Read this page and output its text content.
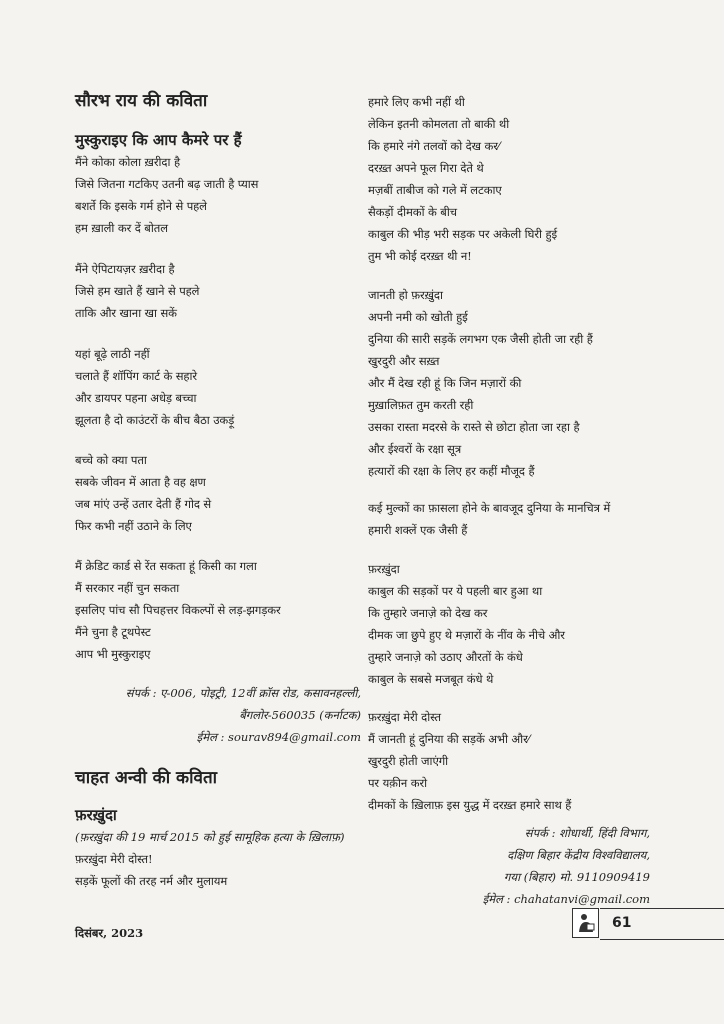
सौरभ राय की कविता
मुस्कुराइए कि आप कैमरे पर हैं
मैंने कोका कोला ख़रीदा है
जिसे जितना गटकिए उतनी बढ़ जाती है प्यास
बशर्ते कि इसके गर्म होने से पहले
हम ख़ाली कर दें बोतल
मैंने ऐपिटायज़र ख़रीदा है
जिसे हम खाते हैं खाने से पहले
ताकि और खाना खा सकें
यहां बूढ़े लाठी नहीं
चलाते हैं शॉपिंग कार्ट के सहारे
और डायपर पहना अधेड़ बच्चा
झूलता है दो काउंटरों के बीच बैठा उकड़ूं
बच्चे को क्या पता
सबके जीवन में आता है वह क्षण
जब मांएं उन्हें उतार देती हैं गोद से
फिर कभी नहीं उठाने के लिए
मैं क्रेडिट कार्ड से रेंत सकता हूं किसी का गला
मैं सरकार नहीं चुन सकता
इसलिए पांच सौ पिचहत्तर विकल्पों से लड़-झगड़कर
मैंने चुना है टूथपेस्ट
आप भी मुस्कुराइए
संपर्क : ए-006, पोइट्री, 12वीं क्रॉस रोड, कसावनहल्ली,
बैंगलोर-560035 (कर्नाटक)
ईमेल : sourav894@gmail.com
चाहत अन्वी की कविता
फ़रख़ुंदा
(फ़रख़ुंदा की 19 मार्च 2015 को हुई सामूहिक हत्या के ख़िलाफ़)
फ़रख़ुंदा मेरी दोस्त!
सड़कें फूलों की तरह नर्म और मुलायम
हमारे लिए कभी नहीं थी
लेकिन इतनी कोमलता तो बाकी थी
कि हमारे नंगे तलवों को देख कर⁄
दरख़्त अपने फूल गिरा देते थे
मज़बीं ताबीज को गले में लटकाए
सैकड़ों दीमकों के बीच
काबुल की भीड़ भरी सड़क पर अकेली घिरी हुई
तुम भी कोई दरख़्त थी न!
जानती हो फ़रख़ुंदा
अपनी नमी को खोती हुई
दुनिया की सारी सड़कें लगभग एक जैसी होती जा रही हैं
खुरदुरी और सख़्त
और मैं देख रही हूं कि जिन मज़ारों की
मुख़ालिफ़त तुम करती रही
उसका रास्ता मदरसे के रास्ते से छोटा होता जा रहा है
और ईश्वरों के रक्षा सूत्र
हत्यारों की रक्षा के लिए हर कहीं मौजूद हैं
कई मुल्कों का फ़ासला होने के बावजूद दुनिया के मानचित्र में
हमारी शक्लें एक जैसी हैं
फ़रख़ुंदा
काबुल की सड़कों पर ये पहली बार हुआ था
कि तुम्हारे जनाज़े को देख कर
दीमक जा छुपे हुए थे मज़ारों के नींव के नीचे और
तुम्हारे जनाज़े को उठाए औरतों के कंधे
काबुल के सबसे मजबूत कंधे थे
फ़रख़ुंदा मेरी दोस्त
मैं जानती हूं दुनिया की सड़कें अभी और⁄
खुरदुरी होती जाएंगी
पर यक़ीन करो
दीमकों के ख़िलाफ़ इस युद्ध में दरख़्त हमारे साथ हैं
संपर्क : शोधार्थी, हिंदी विभाग,
दक्षिण बिहार केंद्रीय विश्वविद्यालय,
गया (बिहार) मो. 9110909419
ईमेल : chahatanvi@gmail.com
दिसंबर, 2023
61
